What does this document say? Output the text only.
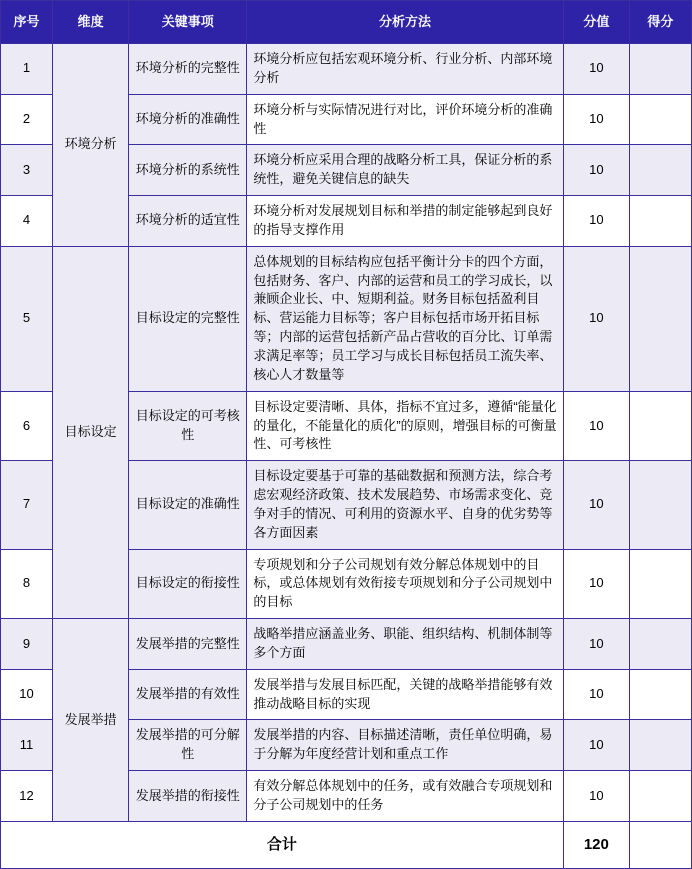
序号	维度	关键事项	分析方法	分值	得分
1	环境分析	环境分析的完整性	环境分析应包括宏观环境分析、行业分析、内部环境分析	10	
2		环境分析的准确性	环境分析与实际情况进行对比，评价环境分析的准确性	10	
3		环境分析的系统性	环境分析应采用合理的战略分析工具，保证分析的系统性，避免关键信息的缺失	10	
4		环境分析的适宜性	环境分析对发展规划目标和举措的制定能够起到良好的指导支撑作用	10	
5	目标设定	目标设定的完整性	总体规划的目标结构应包括平衡计分卡的四个方面，包括财务、客户、内部的运营和员工的学习成长，以兼顾企业长、中、短期利益。财务目标包括盈利目标、营运能力目标等；客户目标包括市场开拓目标等；内部的运营包括新产品占营收的百分比、订单需求满足率等；员工学习与成长目标包括员工流失率、核心人才数量等	10	
6		目标设定的可考核性	目标设定要清晰、具体，指标不宜过多，遵循“能量化的量化，不能量化的质化”的原则，增强目标的可衡量性、可考核性	10	
7		目标设定的准确性	目标设定要基于可靠的基础数据和预测方法，综合考虑宏观经济政策、技术发展趋势、市场需求变化、竞争对手的情况、可利用的资源水平、自身的优劣势等各方面因素	10	
8		目标设定的衔接性	专项规划和分子公司规划有效分解总体规划中的目标，或总体规划有效衔接专项规划和分子公司规划中的目标	10	
9	发展举措	发展举措的完整性	战略举措应涵盖业务、职能、组织结构、机制体制等多个方面	10	
10		发展举措的有效性	发展举措与发展目标匹配，关键的战略举措能够有效推动战略目标的实现	10	
11		发展举措的可分解性	发展举措的内容、目标描述清晰，责任单位明确，易于分解为年度经营计划和重点工作	10	
12		发展举措的衔接性	有效分解总体规划中的任务，或有效融合专项规划和分子公司规划中的任务	10	
合计				120	
